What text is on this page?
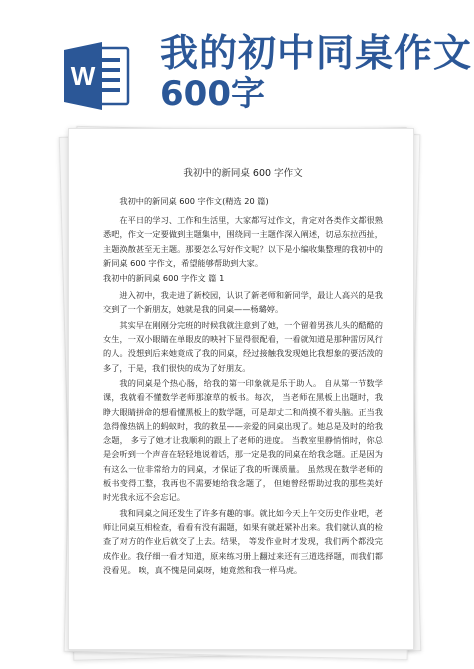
W
我的初中同桌作文
600字
我初中的新同桌 600 字作文
我初中的新同桌 600 字作文(精选 20 篇)

在平日的学习、工作和生活里，大家都写过作文，肯定对各类作文都很熟悉吧，作文一定要做到主题集中，围绕同一主题作深入阐述，切忌东拉西扯，主题涣散甚至无主题。那要怎么写好作文呢？以下是小编收集整理的我初中的新同桌 600 字作文，希望能够帮助到大家。

我初中的新同桌 600 字作文 篇 1

进入初中，我走进了新校园，认识了新老师和新同学，最让人高兴的是我交到了一个新朋友，她就是我的同桌——杨璐婷。

其实早在刚刚分完班的时候我就注意到了她，一个留着男孩儿头的酷酷的女生，一双小眼睛在单眼皮的映衬下显得很配看，一看就知道是那种雷厉风行的人。没想到后来她竟成了我的同桌，经过接触我发现她比我想象的要活泼的多了，于是，我们很快的成为了好朋友。

我的同桌是个热心肠，给我的第一印象就是乐于助人。 自从第一节数学课，我就看不懂数学老师那潦草的板书。每次， 当老师在黑板上出题时，我睁大眼睛拼命的想看懂黑板上的数学题，可是却丈二和尚摸不着头脑。正当我急得像热锅上的蚂蚁时，我的救星——亲爱的同桌出现了。她总是及时的给我念题， 多亏了她才让我顺利的跟上了老师的进度。 当教室里静悄悄时，你总是会听到一个声音在轻轻地说着话，那一定是我的同桌在给我念题。正是因为有这么一位非常给力的同桌，才保证了我的听课质量。 虽然现在数学老师的板书变得工整，我再也不需要她给我念题了， 但她曾经帮助过我的那些美好时光我永远不会忘记。

我和同桌之间还发生了许多有趣的事。就比如今天上午交历史作业吧，老师让同桌互相检查，看看有没有漏题，如果有就赶紧补出来。我们就认真的检查了对方的作业后就交了上去。结果， 等发作业时才发现，我们两个都没完成作业。我仔细一看才知道，原来练习册上翻过来还有三道选择题，而我们都没看见。 唉，真不愧是同桌呀，她竟然和我一样马虎。
